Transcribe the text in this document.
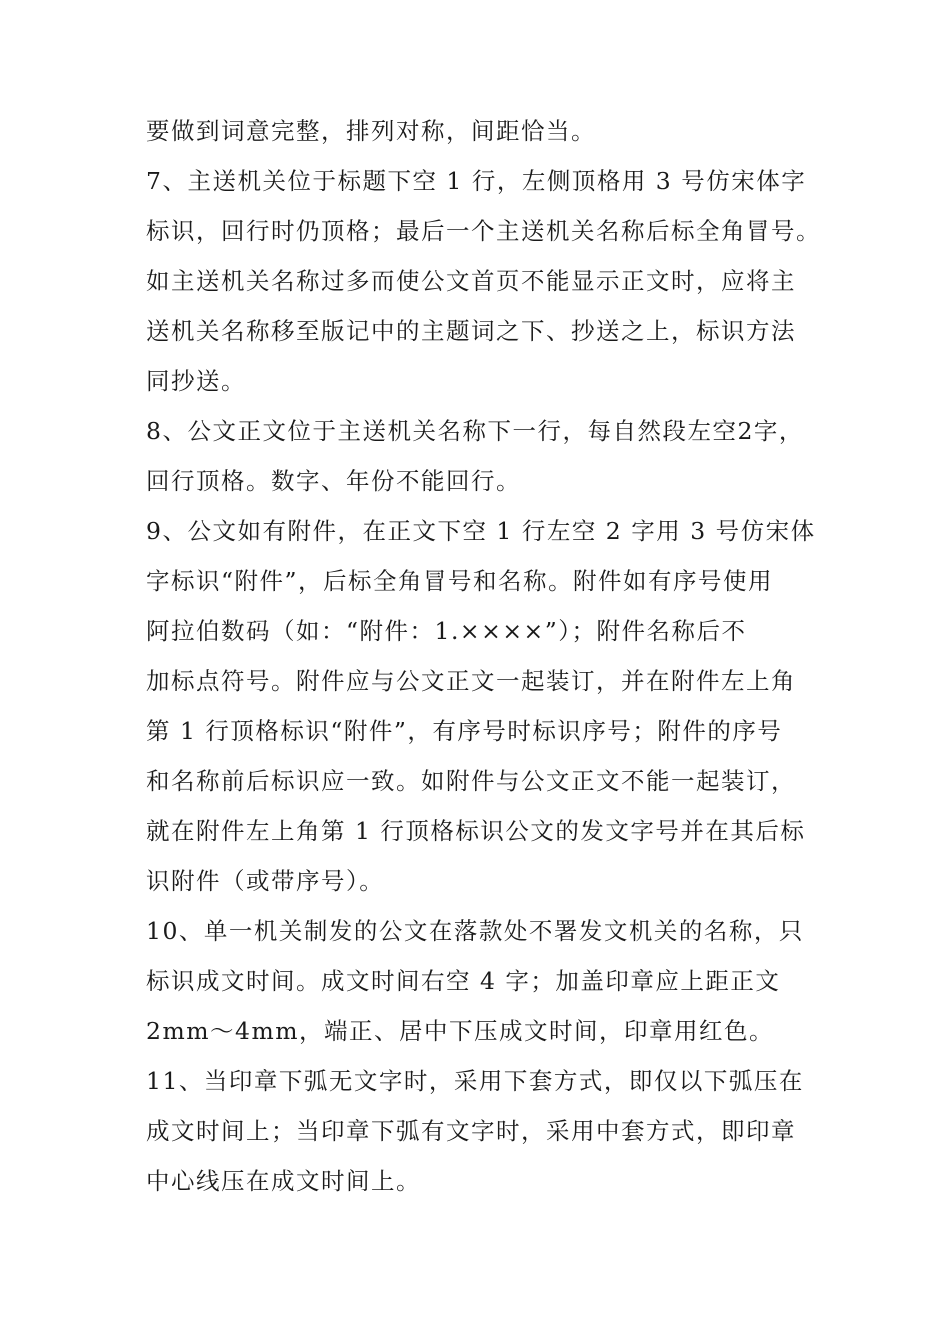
要做到词意完整，排列对称，间距恰当。
7、主送机关位于标题下空 1 行，左侧顶格用 3 号仿宋体字
标识，回行时仍顶格；最后一个主送机关名称后标全角冒号。
如主送机关名称过多而使公文首页不能显示正文时，应将主
送机关名称移至版记中的主题词之下、抄送之上，标识方法
同抄送。
8、公文正文位于主送机关名称下一行，每自然段左空2字，
回行顶格。数字、年份不能回行。
9、公文如有附件，在正文下空 1 行左空 2 字用 3 号仿宋体
字标识“附件”，后标全角冒号和名称。附件如有序号使用
阿拉伯数码（如：“附件：1.××××”）；附件名称后不
加标点符号。附件应与公文正文一起装订，并在附件左上角
第 1 行顶格标识“附件”，有序号时标识序号；附件的序号
和名称前后标识应一致。如附件与公文正文不能一起装订，
就在附件左上角第 1 行顶格标识公文的发文字号并在其后标
识附件（或带序号）。
10、单一机关制发的公文在落款处不署发文机关的名称，只
标识成文时间。成文时间右空 4 字；加盖印章应上距正文
2mm～4mm，端正、居中下压成文时间，印章用红色。
11、当印章下弧无文字时，采用下套方式，即仅以下弧压在
成文时间上；当印章下弧有文字时，采用中套方式，即印章
中心线压在成文时间上。
